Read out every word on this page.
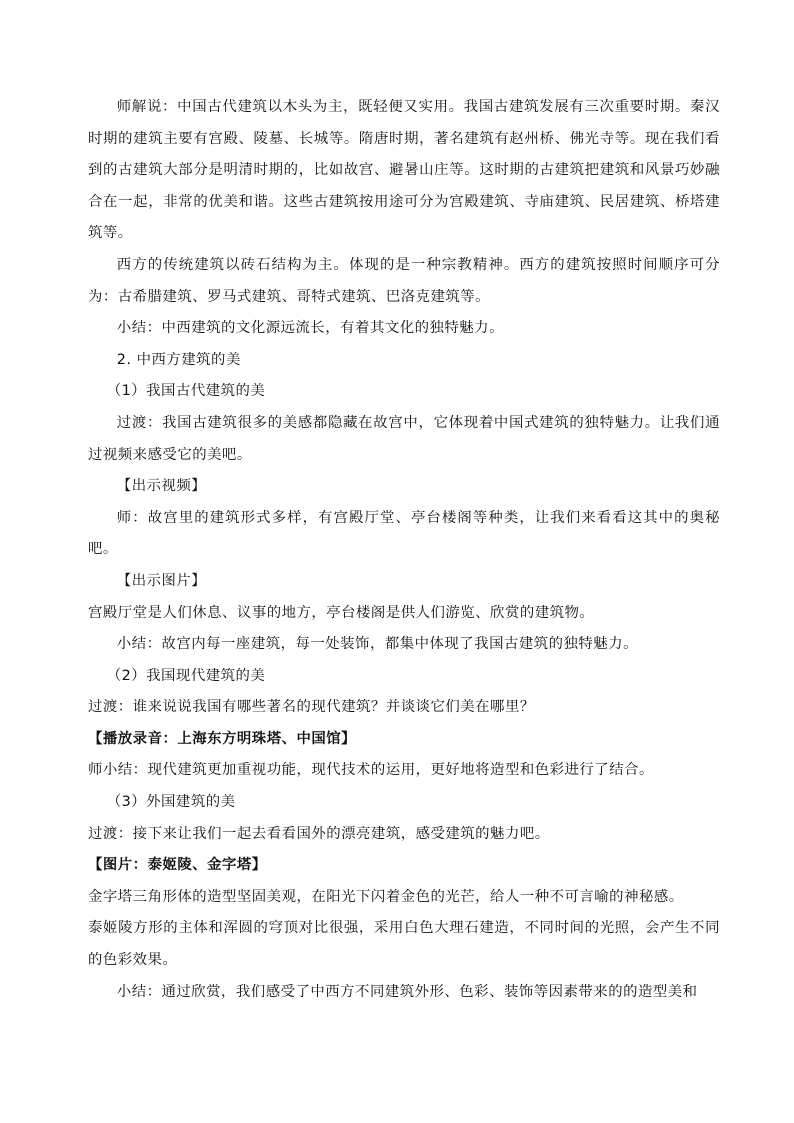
师解说：中国古代建筑以木头为主，既轻便又实用。我国古建筑发展有三次重要时期。秦汉时期的建筑主要有宫殿、陵墓、长城等。隋唐时期，著名建筑有赵州桥、佛光寺等。现在我们看到的古建筑大部分是明清时期的，比如故宫、避暑山庄等。这时期的古建筑把建筑和风景巧妙融合在一起，非常的优美和谐。这些古建筑按用途可分为宫殿建筑、寺庙建筑、民居建筑、桥塔建筑等。

西方的传统建筑以砖石结构为主。体现的是一种宗教精神。西方的建筑按照时间顺序可分为：古希腊建筑、罗马式建筑、哥特式建筑、巴洛克建筑等。

小结：中西建筑的文化源远流长，有着其文化的独特魅力。

2. 中西方建筑的美

（1）我国古代建筑的美

过渡：我国古建筑很多的美感都隐藏在故宫中，它体现着中国式建筑的独特魅力。让我们通过视频来感受它的美吧。

【出示视频】

师：故宫里的建筑形式多样，有宫殿厅堂、亭台楼阁等种类，让我们来看看这其中的奥秘吧。

【出示图片】

宫殿厅堂是人们休息、议事的地方，亭台楼阁是供人们游览、欣赏的建筑物。

小结：故宫内每一座建筑，每一处装饰，都集中体现了我国古建筑的独特魅力。

（2）我国现代建筑的美

过渡：谁来说说我国有哪些著名的现代建筑？并谈谈它们美在哪里？

【播放录音：上海东方明珠塔、中国馆】

师小结：现代建筑更加重视功能，现代技术的运用，更好地将造型和色彩进行了结合。

（3）外国建筑的美

过渡：接下来让我们一起去看看国外的漂亮建筑，感受建筑的魅力吧。

【图片：泰姬陵、金字塔】

金字塔三角形体的造型坚固美观，在阳光下闪着金色的光芒，给人一种不可言喻的神秘感。

泰姬陵方形的主体和浑圆的穹顶对比很强，采用白色大理石建造，不同时间的光照，会产生不同的色彩效果。

小结：通过欣赏，我们感受了中西方不同建筑外形、色彩、装饰等因素带来的的造型美和
